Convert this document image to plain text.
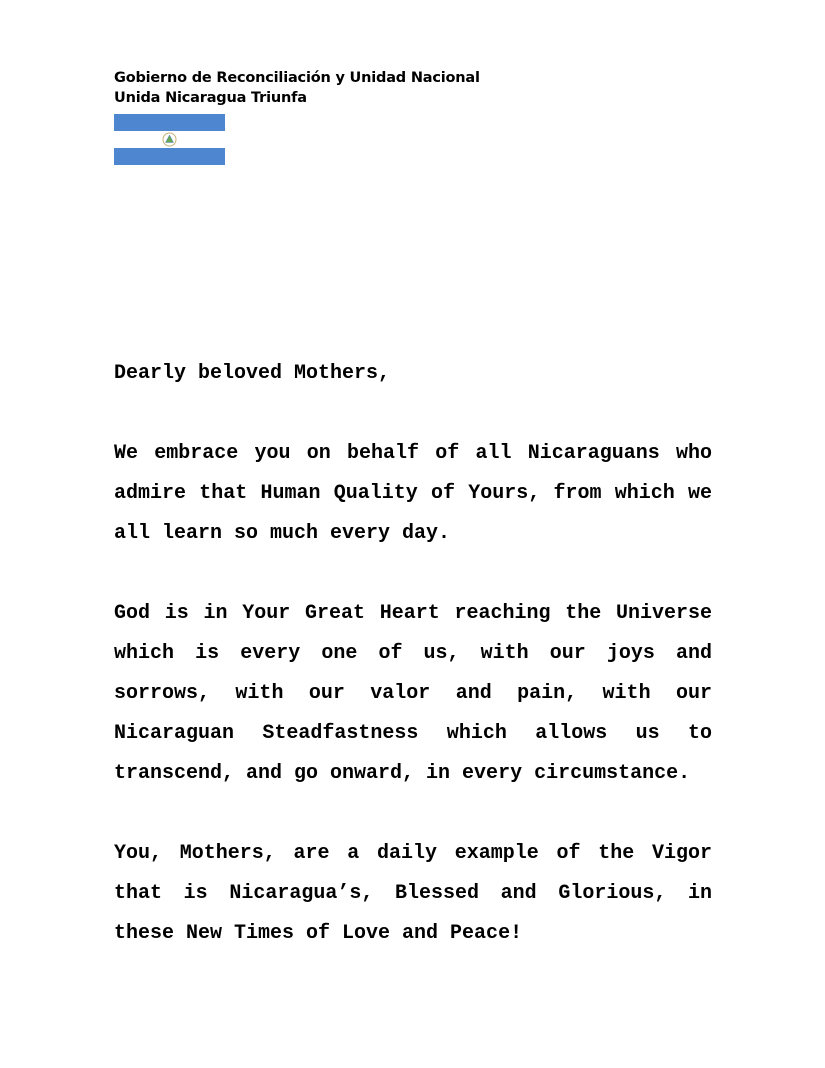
Gobierno de Reconciliación y Unidad Nacional
Unida Nicaragua Triunfa

Dearly beloved Mothers,

We embrace you on behalf of all Nicaraguans who admire that Human Quality of Yours, from which we all learn so much every day.

God is in Your Great Heart reaching the Universe which is every one of us, with our joys and sorrows, with our valor and pain, with our Nicaraguan Steadfastness which allows us to transcend, and go onward, in every circumstance.

You, Mothers, are a daily example of the Vigor that is Nicaragua’s, Blessed and Glorious, in these New Times of Love and Peace!
